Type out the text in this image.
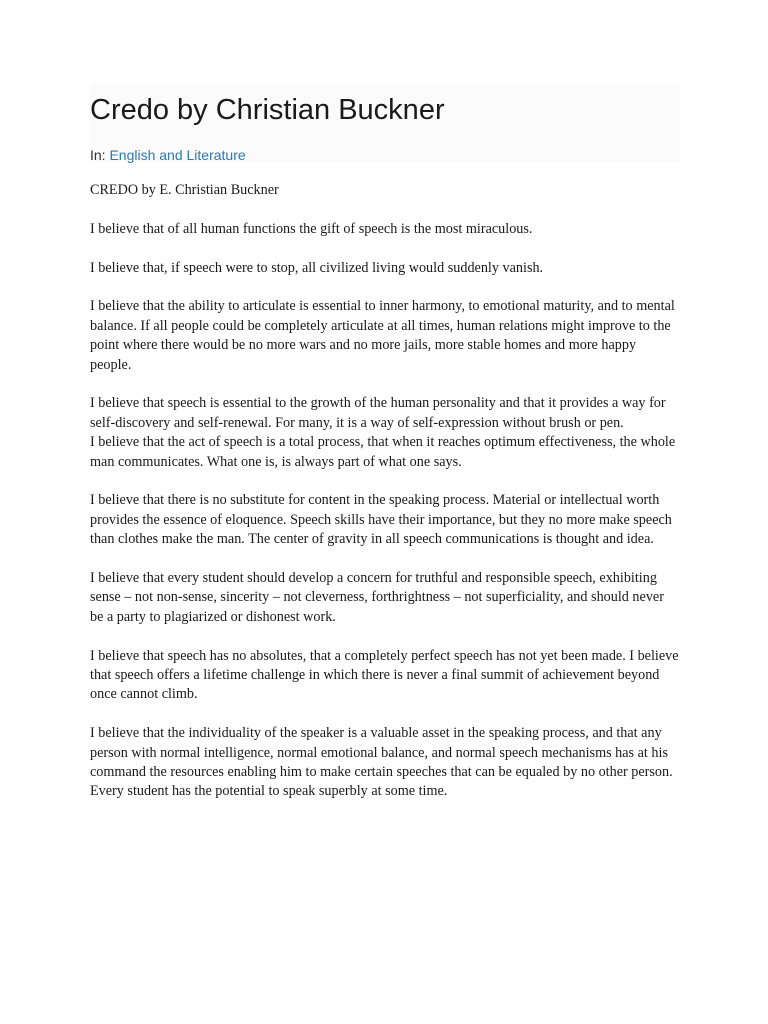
Credo by Christian Buckner
In: English and Literature

CREDO by E. Christian Buckner

I believe that of all human functions the gift of speech is the most miraculous.

I believe that, if speech were to stop, all civilized living would suddenly vanish.

I believe that the ability to articulate is essential to inner harmony, to emotional maturity, and to mental balance. If all people could be completely articulate at all times, human relations might improve to the point where there would be no more wars and no more jails, more stable homes and more happy people.

I believe that speech is essential to the growth of the human personality and that it provides a way for self-discovery and self-renewal. For many, it is a way of self-expression without brush or pen.

I believe that the act of speech is a total process, that when it reaches optimum effectiveness, the whole man communicates. What one is, is always part of what one says.

I believe that there is no substitute for content in the speaking process. Material or intellectual worth provides the essence of eloquence. Speech skills have their importance, but they no more make speech than clothes make the man. The center of gravity in all speech communications is thought and idea.

I believe that every student should develop a concern for truthful and responsible speech, exhibiting sense – not non-sense, sincerity – not cleverness, forthrightness – not superficiality, and should never be a party to plagiarized or dishonest work.

I believe that speech has no absolutes, that a completely perfect speech has not yet been made. I believe that speech offers a lifetime challenge in which there is never a final summit of achievement beyond once cannot climb.

I believe that the individuality of the speaker is a valuable asset in the speaking process, and that any person with normal intelligence, normal emotional balance, and normal speech mechanisms has at his command the resources enabling him to make certain speeches that can be equaled by no other person. Every student has the potential to speak superbly at some time.
